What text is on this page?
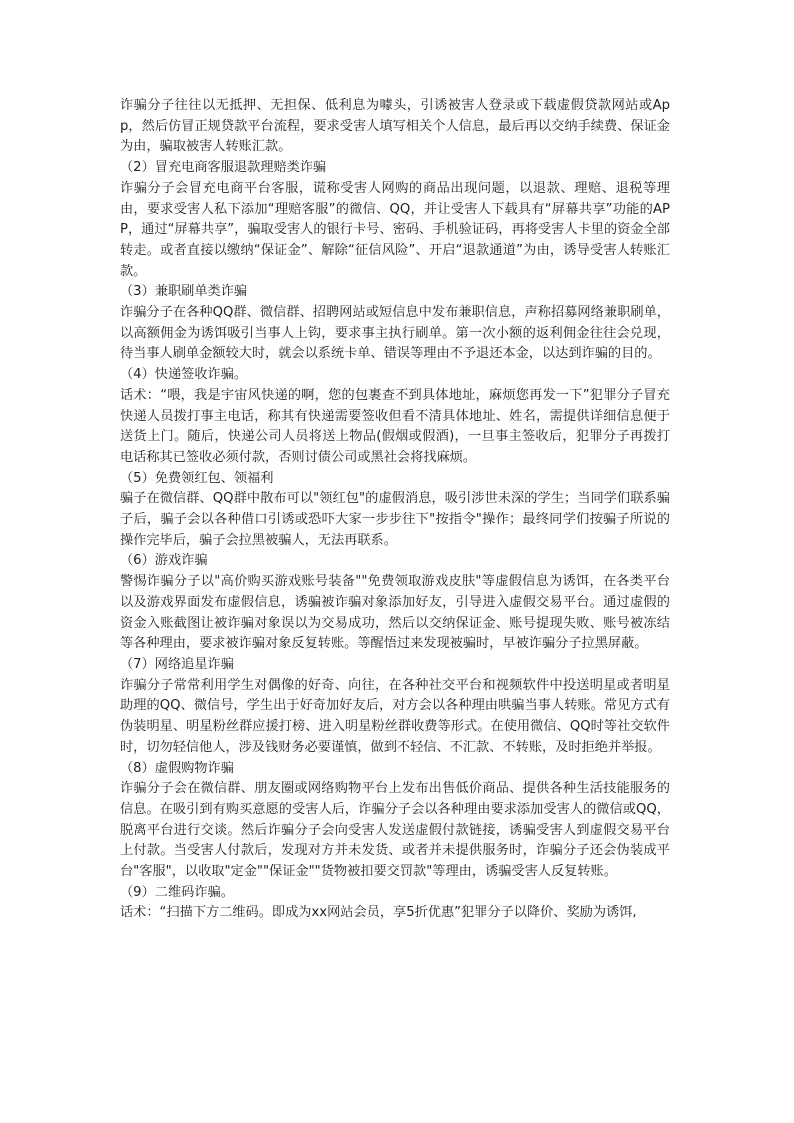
诈骗分子往往以无抵押、无担保、低利息为噱头，引诱被害人登录或下载虚假贷款网站或App，然后仿冒正规贷款平台流程，要求受害人填写相关个人信息，最后再以交纳手续费、保证金为由，骗取被害人转账汇款。

（2）冒充电商客服退款理赔类诈骗

诈骗分子会冒充电商平台客服，谎称受害人网购的商品出现问题，以退款、理赔、退税等理由，要求受害人私下添加“理赔客服”的微信、QQ，并让受害人下载具有“屏幕共享”功能的APP，通过“屏幕共享”，骗取受害人的银行卡号、密码、手机验证码，再将受害人卡里的资金全部转走。或者直接以缴纳“保证金”、解除“征信风险”、开启“退款通道”为由，诱导受害人转账汇款。

（3）兼职刷单类诈骗

诈骗分子在各种QQ群、微信群、招聘网站或短信息中发布兼职信息，声称招募网络兼职刷单，以高额佣金为诱饵吸引当事人上钩，要求事主执行刷单。第一次小额的返利佣金往往会兑现，待当事人刷单金额较大时，就会以系统卡单、错误等理由不予退还本金，以达到诈骗的目的。

（4）快递签收诈骗。

话术：“喂，我是宇宙风快递的啊，您的包裹查不到具体地址，麻烦您再发一下”犯罪分子冒充快递人员拨打事主电话，称其有快递需要签收但看不清具体地址、姓名，需提供详细信息便于送货上门。随后，快递公司人员将送上物品(假烟或假酒)，一旦事主签收后，犯罪分子再拨打电话称其已签收必须付款，否则讨债公司或黑社会将找麻烦。

（5）免费领红包、领福利

骗子在微信群、QQ群中散布可以"领红包"的虚假消息，吸引涉世未深的学生；当同学们联系骗子后，骗子会以各种借口引诱或恐吓大家一步步往下"按指令"操作；最终同学们按骗子所说的操作完毕后，骗子会拉黑被骗人，无法再联系。

（6）游戏诈骗

警惕诈骗分子以"高价购买游戏账号装备""免费领取游戏皮肤"等虚假信息为诱饵，在各类平台以及游戏界面发布虚假信息，诱骗被诈骗对象添加好友，引导进入虚假交易平台。通过虚假的资金入账截图让被诈骗对象误以为交易成功，然后以交纳保证金、账号提现失败、账号被冻结等各种理由，要求被诈骗对象反复转账。等醒悟过来发现被骗时，早被诈骗分子拉黑屏蔽。

（7）网络追星诈骗

诈骗分子常常利用学生对偶像的好奇、向往，在各种社交平台和视频软件中投送明星或者明星助理的QQ、微信号，学生出于好奇加好友后，对方会以各种理由哄骗当事人转账。常见方式有伪装明星、明星粉丝群应援打榜、进入明星粉丝群收费等形式。在使用微信、QQ时等社交软件时，切勿轻信他人，涉及钱财务必要谨慎，做到不轻信、不汇款、不转账，及时拒绝并举报。

（8）虚假购物诈骗

诈骗分子会在微信群、朋友圈或网络购物平台上发布出售低价商品、提供各种生活技能服务的信息。在吸引到有购买意愿的受害人后，诈骗分子会以各种理由要求添加受害人的微信或QQ，脱离平台进行交谈。然后诈骗分子会向受害人发送虚假付款链接，诱骗受害人到虚假交易平台上付款。当受害人付款后，发现对方并未发货、或者并未提供服务时，诈骗分子还会伪装成平台"客服"，以收取"定金""保证金""货物被扣要交罚款"等理由，诱骗受害人反复转账。

（9）二维码诈骗。

话术：“扫描下方二维码。即成为xx网站会员，享5折优惠”犯罪分子以降价、奖励为诱饵,
